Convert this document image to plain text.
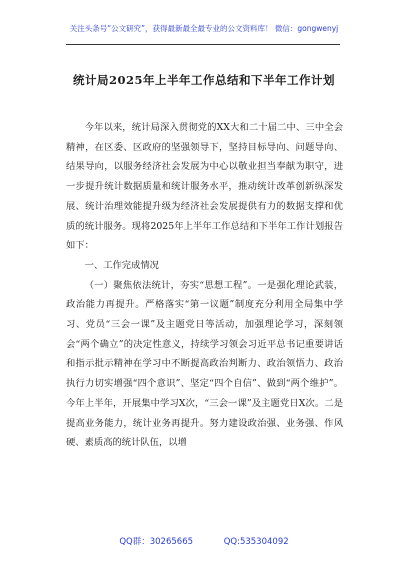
关注头条号“公文研究”，获得最新最全最专业的公文资料库！ 微信：gongwenyj
统计局2025年上半年工作总结和下半年工作计划

今年以来，统计局深入贯彻党的XX大和二十届二中、三中全会精神，在区委、区政府的坚强领导下，坚持目标导向、问题导向、结果导向，以服务经济社会发展为中心以敬业担当奉献为职守，进一步提升统计数据质量和统计服务水平，推动统计改革创新纵深发展、统计治理效能提升级为经济社会发展提供有力的数据支撑和优质的统计服务。现将2025年上半年工作总结和下半年工作计划报告如下：

一、工作完成情况

（一）聚焦依法统计，夯实“思想工程”。一是强化理论武装，政治能力再提升。严格落实“第一议题”制度充分利用全局集中学习、党员“三会一课”及主题党日等活动，加强理论学习，深刻领会“两个确立”的决定性意义，持续学习领会习近平总书记重要讲话和指示批示精神在学习中不断提高政治判断力、政治领悟力、政治执行力切实增强“四个意识”、坚定“四个自信”、做到“两个维护”。今年上半年，开展集中学习X次，“三会一课”及主题党日X次。二是提高业务能力，统计业务再提升。努力建设政治强、业务强、作风硬、素质高的统计队伍，以增

QQ群：30265665	QQ:535304092
